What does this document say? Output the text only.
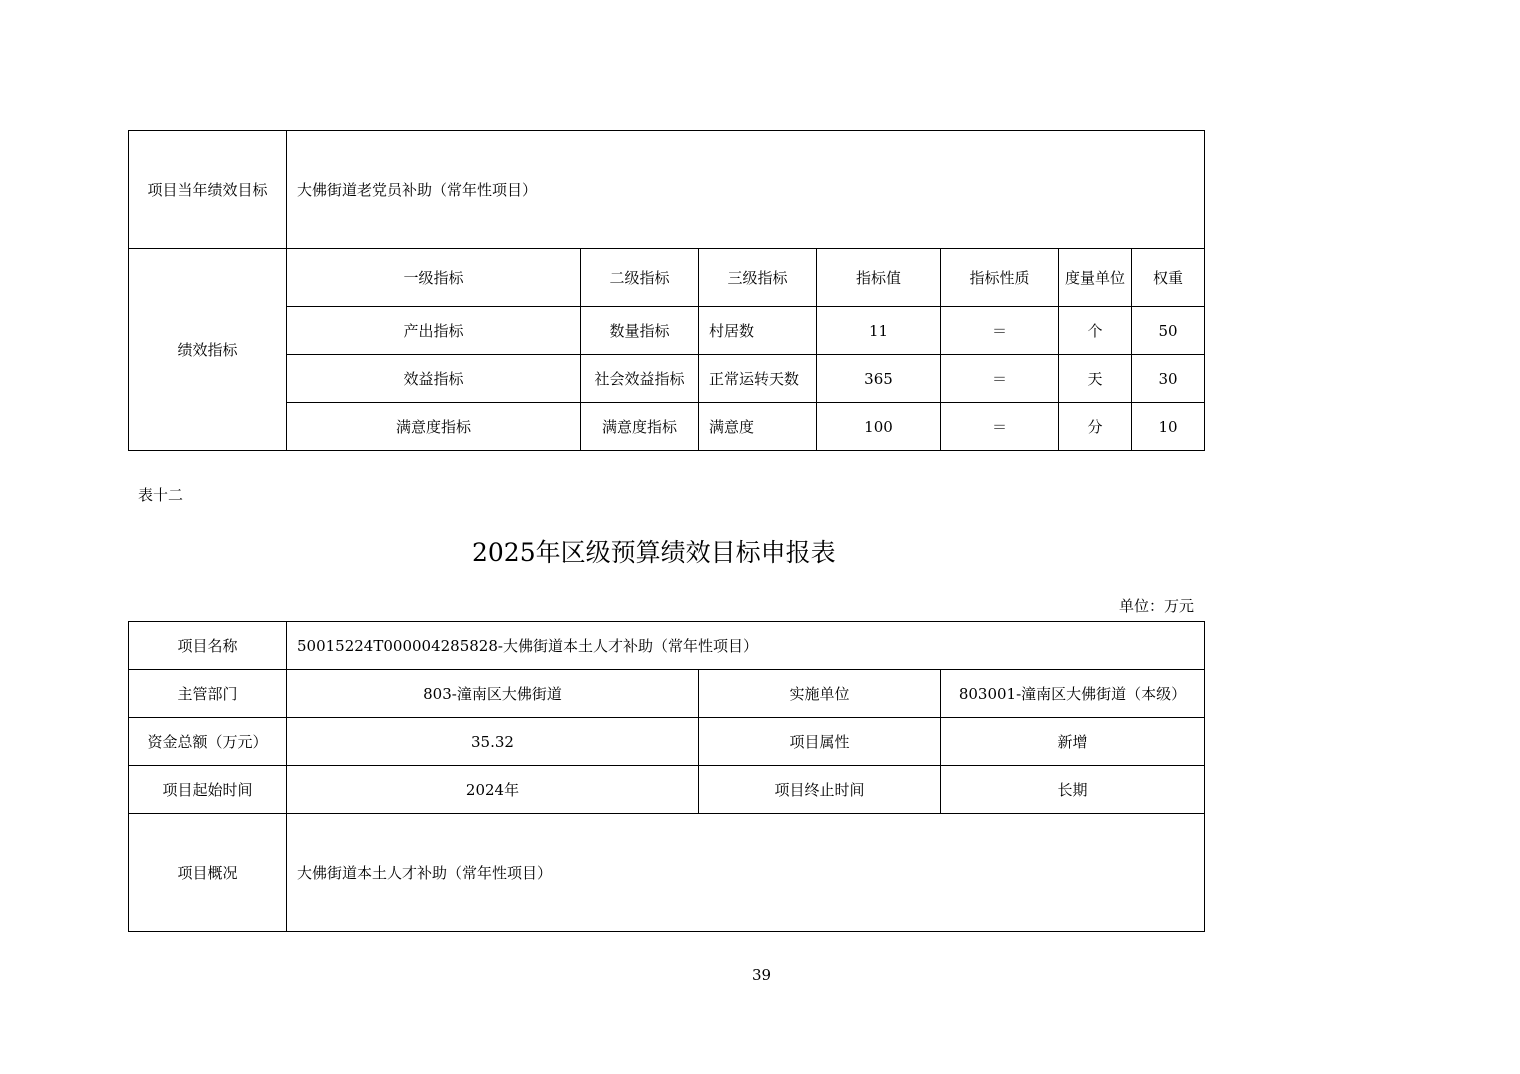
项目当年绩效目标	大佛街道老党员补助（常年性项目）						
绩效指标	一级指标	二级指标	三级指标	指标值	指标性质	度量单位	权重
	产出指标	数量指标	村居数	11	＝	个	50
	效益指标	社会效益指标	正常运转天数	365	＝	天	30
	满意度指标	满意度指标	满意度	100	＝	分	10
表十二
2025年区级预算绩效目标申报表
单位：万元
项目名称	50015224T000004285828-大佛街道本土人才补助（常年性项目）		
主管部门	803-潼南区大佛街道	实施单位	803001-潼南区大佛街道（本级）
资金总额（万元）	35.32	项目属性	新增
项目起始时间	2024年	项目终止时间	长期
项目概况	大佛街道本土人才补助（常年性项目）		
39
